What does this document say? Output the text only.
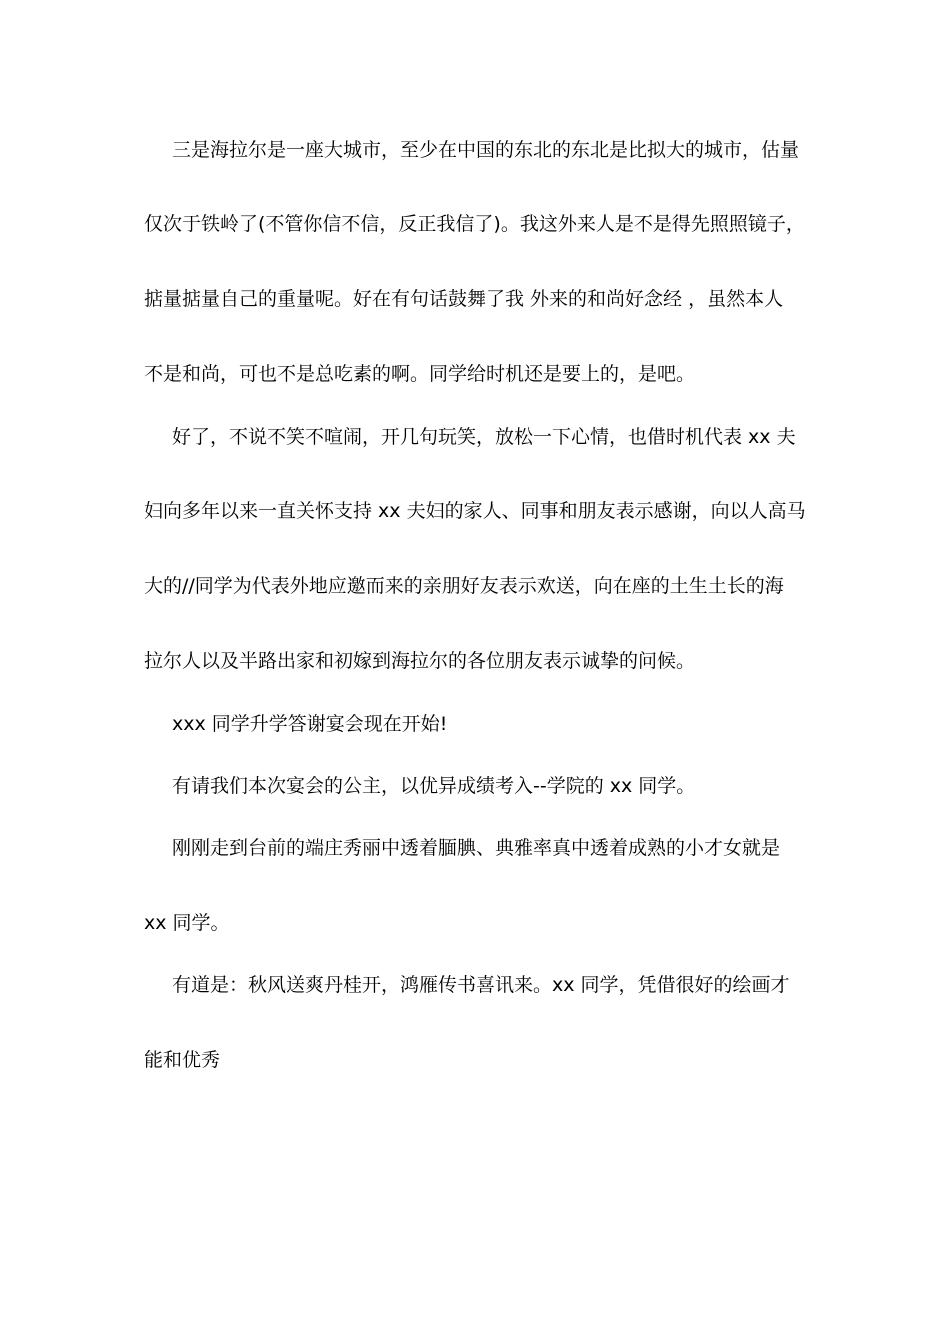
三是海拉尔是一座大城市，至少在中国的东北的东北是比拟大的城市，估量
仅次于铁岭了(不管你信不信，反正我信了)。我这外来人是不是得先照照镜子，
掂量掂量自己的重量呢。好在有句话鼓舞了我 外来的和尚好念经 ，虽然本人
不是和尚，可也不是总吃素的啊。同学给时机还是要上的，是吧。
好了，不说不笑不喧闹，开几句玩笑，放松一下心情，也借时机代表 xx 夫
妇向多年以来一直关怀支持 xx 夫妇的家人、同事和朋友表示感谢，向以人高马
大的//同学为代表外地应邀而来的亲朋好友表示欢送，向在座的土生土长的海
拉尔人以及半路出家和初嫁到海拉尔的各位朋友表示诚挚的问候。
xxx 同学升学答谢宴会现在开始!
有请我们本次宴会的公主，以优异成绩考入--学院的 xx 同学。
刚刚走到台前的端庄秀丽中透着腼腆、典雅率真中透着成熟的小才女就是
xx 同学。
有道是：秋风送爽丹桂开，鸿雁传书喜讯来。xx 同学，凭借很好的绘画才
能和优秀
